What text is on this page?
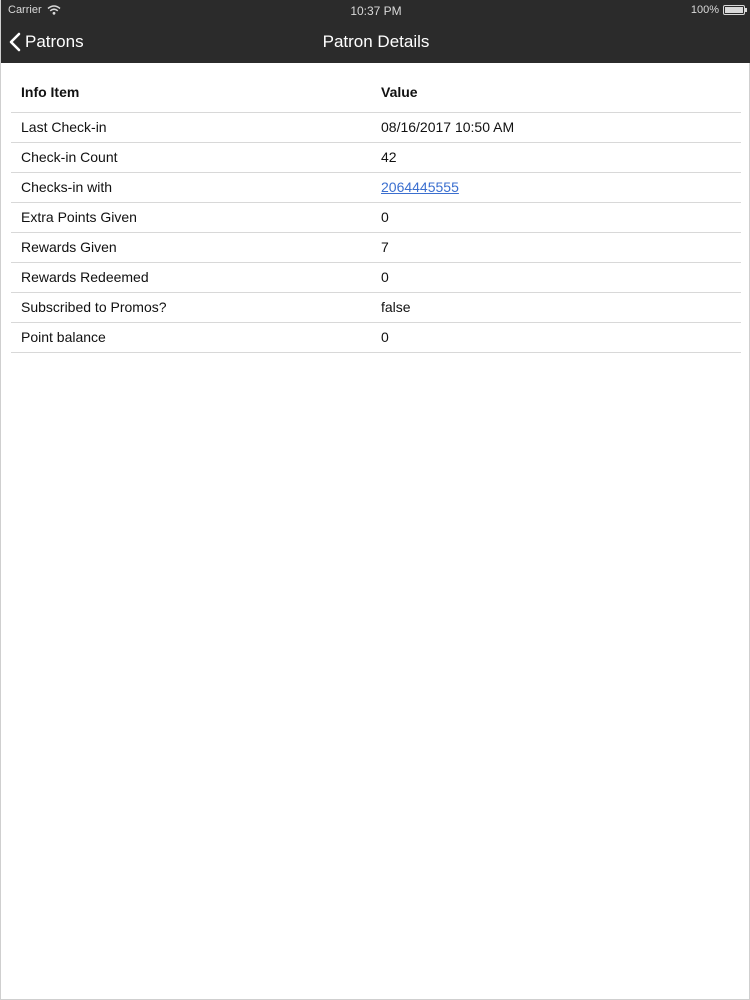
Carrier	10:37 PM	100%
Patrons	Patron Details
Info Item	Value
Last Check-in	08/16/2017 10:50 AM
Check-in Count	42
Checks-in with	2064445555
Extra Points Given	0
Rewards Given	7
Rewards Redeemed	0
Subscribed to Promos?	false
Point balance	0
